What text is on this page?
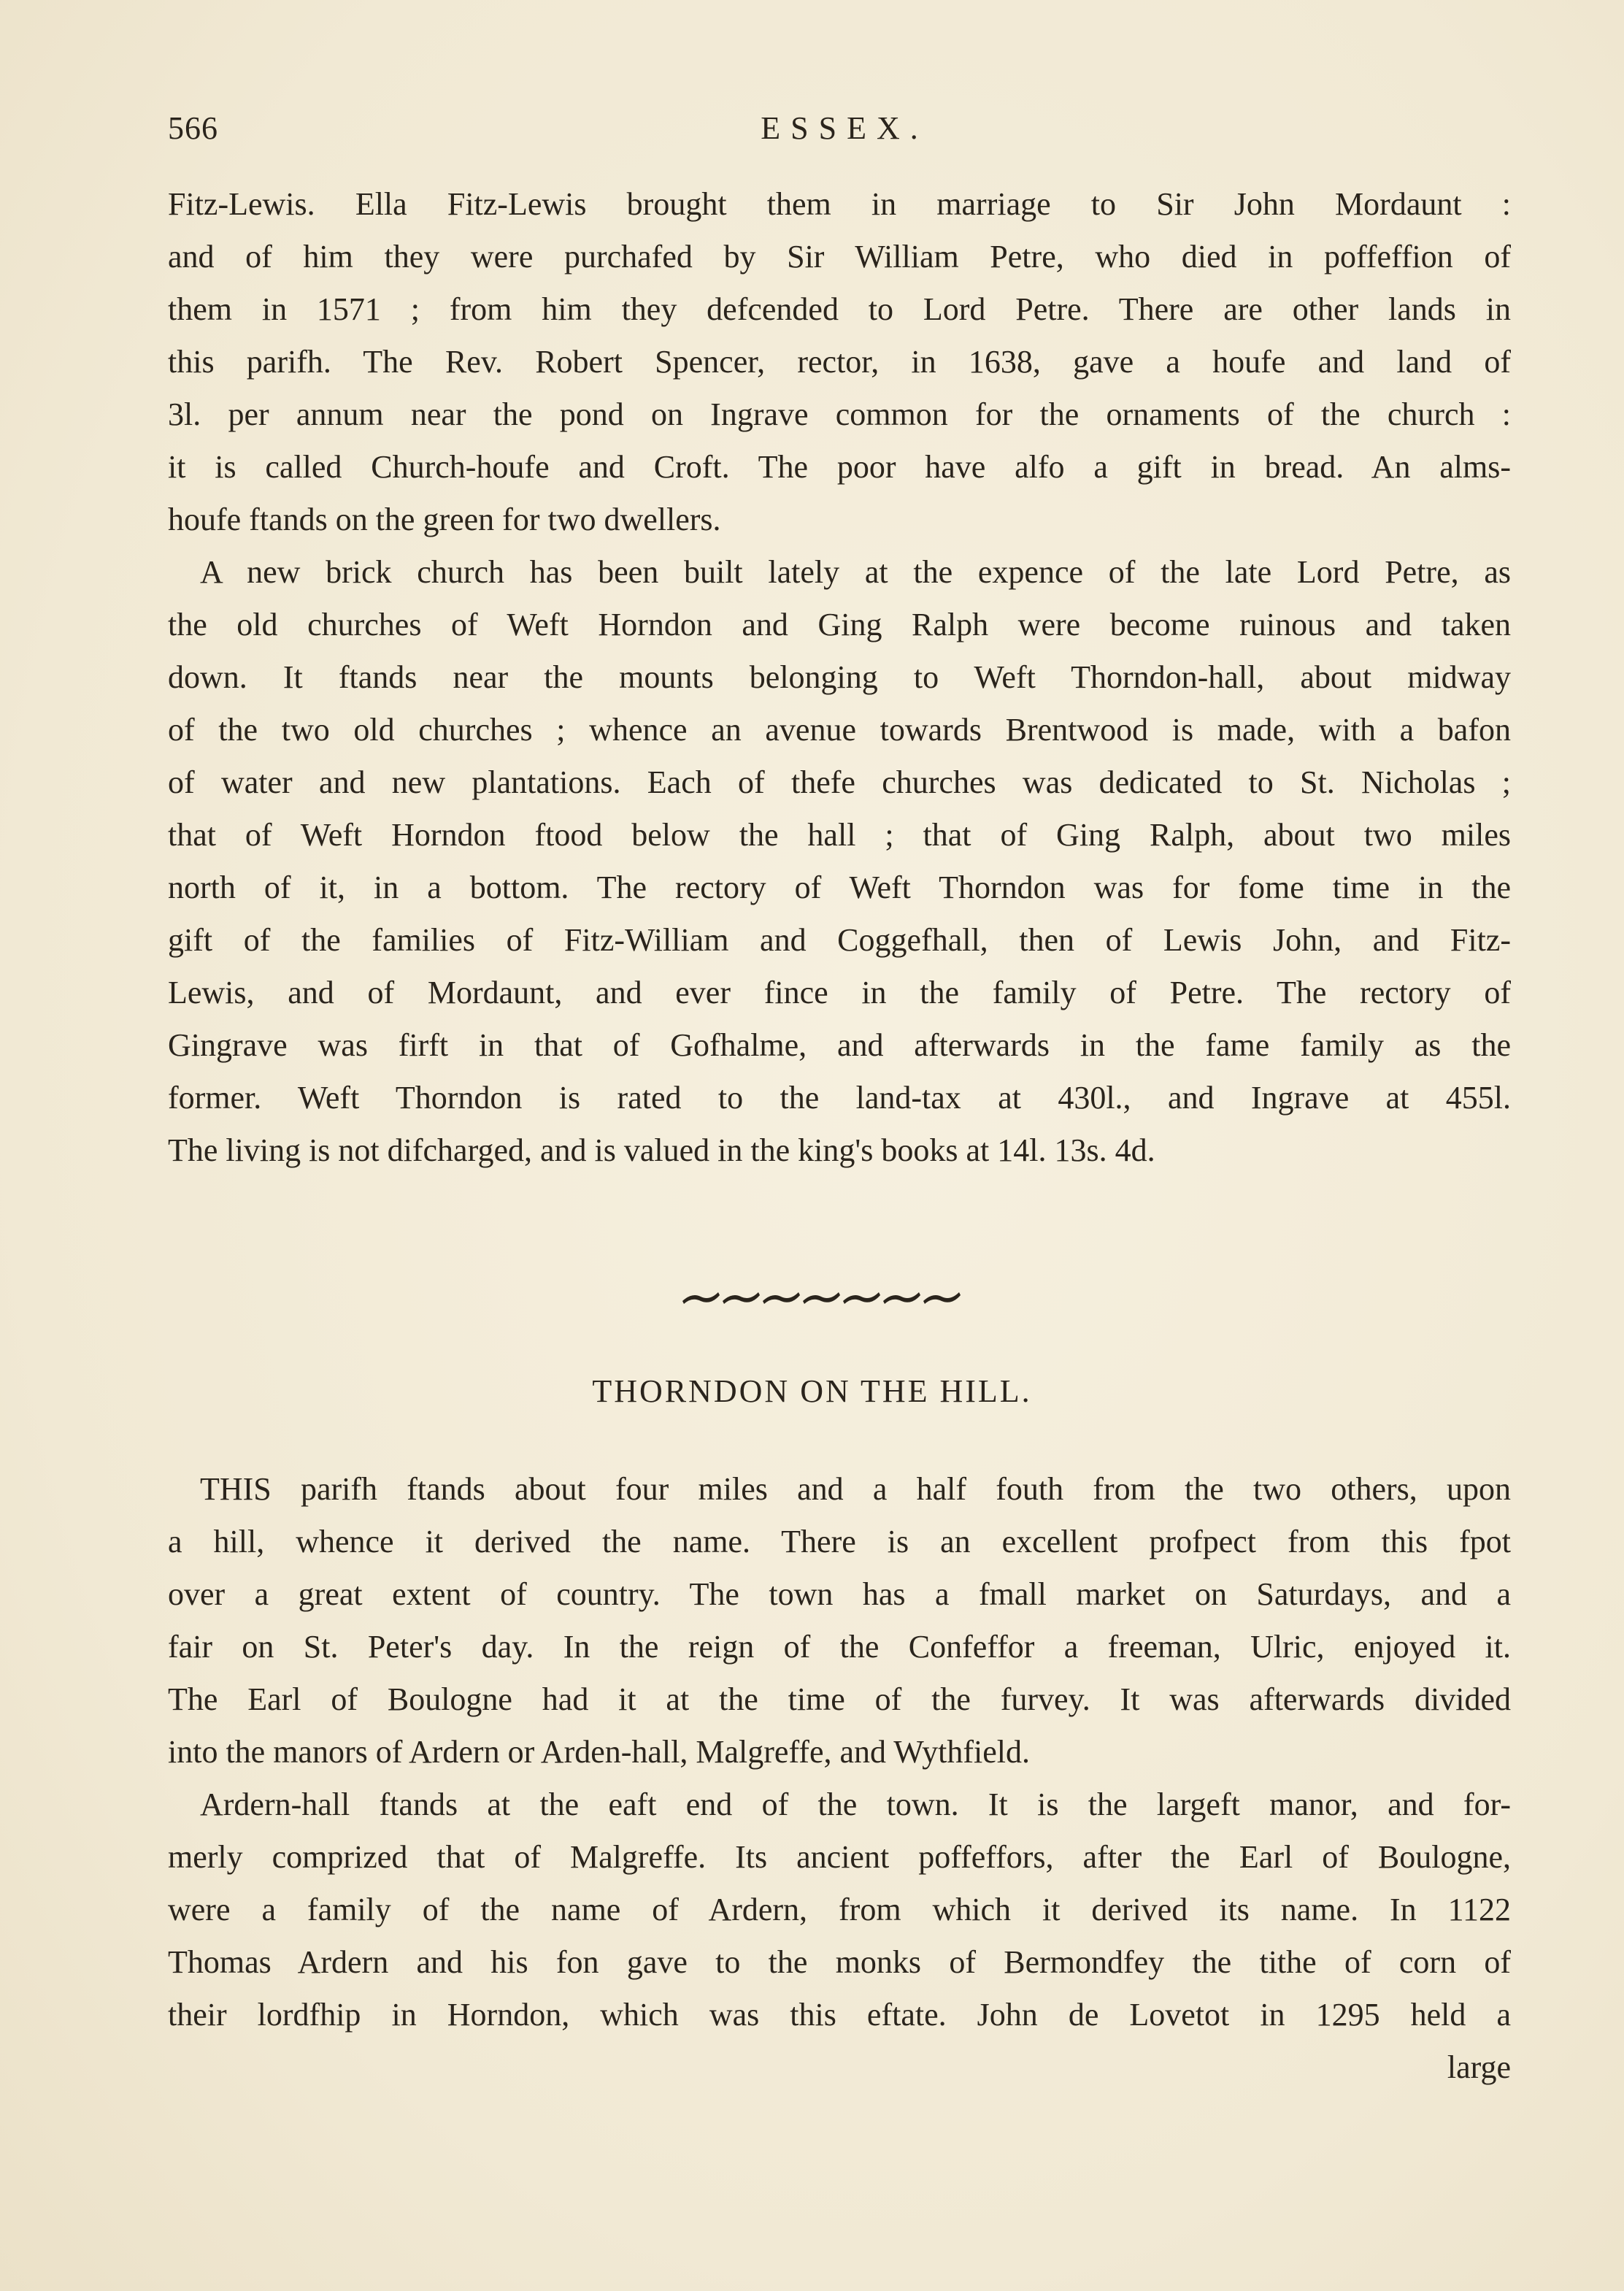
566	ESSEX.
Fitz-Lewis. Ella Fitz-Lewis brought them in marriage to Sir John Mordaunt :
and of him they were purchafed by Sir William Petre, who died in poffeffion of
them in 1571 ; from him they defcended to Lord Petre. There are other lands in
this parifh. The Rev. Robert Spencer, rector, in 1638, gave a houfe and land of
3l. per annum near the pond on Ingrave common for the ornaments of the church :
it is called Church-houfe and Croft. The poor have alfo a gift in bread. An alms-
houfe ftands on the green for two dwellers.
A new brick church has been built lately at the expence of the late Lord Petre, as
the old churches of Weft Horndon and Ging Ralph were become ruinous and taken
down. It ftands near the mounts belonging to Weft Thorndon-hall, about midway
of the two old churches ; whence an avenue towards Brentwood is made, with a bafon
of water and new plantations. Each of thefe churches was dedicated to St. Nicholas ;
that of Weft Horndon ftood below the hall ; that of Ging Ralph, about two miles
north of it, in a bottom. The rectory of Weft Thorndon was for fome time in the
gift of the families of Fitz-William and Coggefhall, then of Lewis John, and Fitz-
Lewis, and of Mordaunt, and ever fince in the family of Petre. The rectory of
Gingrave was firft in that of Gofhalme, and afterwards in the fame family as the
former. Weft Thorndon is rated to the land-tax at 430l., and Ingrave at 455l.
The living is not difcharged, and is valued in the king's books at 14l. 13s. 4d.
THORNDON ON THE HILL.
THIS parifh ftands about four miles and a half fouth from the two others, upon
a hill, whence it derived the name. There is an excellent profpect from this fpot
over a great extent of country. The town has a fmall market on Saturdays, and a
fair on St. Peter's day. In the reign of the Confeffor a freeman, Ulric, enjoyed it.
The Earl of Boulogne had it at the time of the furvey. It was afterwards divided
into the manors of Ardern or Arden-hall, Malgreffe, and Wythfield.
Ardern-hall ftands at the eaft end of the town. It is the largeft manor, and for-
merly comprized that of Malgreffe. Its ancient poffeffors, after the Earl of Boulogne,
were a family of the name of Ardern, from which it derived its name. In 1122
Thomas Ardern and his fon gave to the monks of Bermondfey the tithe of corn of
their lordfhip in Horndon, which was this eftate. John de Lovetot in 1295 held a
large
